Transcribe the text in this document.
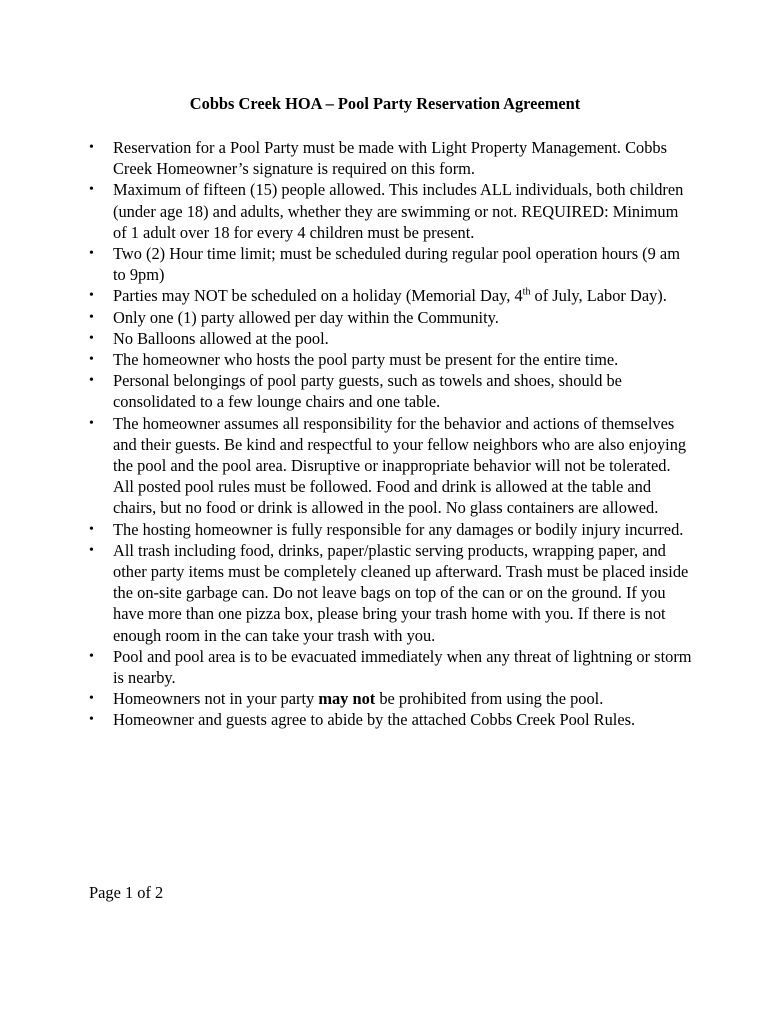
Cobbs Creek HOA – Pool Party Reservation Agreement
• Reservation for a Pool Party must be made with Light Property Management. Cobbs Creek Homeowner’s signature is required on this form.
• Maximum of fifteen (15) people allowed. This includes ALL individuals, both children (under age 18) and adults, whether they are swimming or not. REQUIRED: Minimum of 1 adult over 18 for every 4 children must be present.
• Two (2) Hour time limit; must be scheduled during regular pool operation hours (9 am to 9pm)
• Parties may NOT be scheduled on a holiday (Memorial Day, 4th of July, Labor Day).
• Only one (1) party allowed per day within the Community.
• No Balloons allowed at the pool.
• The homeowner who hosts the pool party must be present for the entire time.
• Personal belongings of pool party guests, such as towels and shoes, should be consolidated to a few lounge chairs and one table.
• The homeowner assumes all responsibility for the behavior and actions of themselves and their guests. Be kind and respectful to your fellow neighbors who are also enjoying the pool and the pool area. Disruptive or inappropriate behavior will not be tolerated. All posted pool rules must be followed. Food and drink is allowed at the table and chairs, but no food or drink is allowed in the pool. No glass containers are allowed.
• The hosting homeowner is fully responsible for any damages or bodily injury incurred.
• All trash including food, drinks, paper/plastic serving products, wrapping paper, and other party items must be completely cleaned up afterward. Trash must be placed inside the on-site garbage can. Do not leave bags on top of the can or on the ground. If you have more than one pizza box, please bring your trash home with you. If there is not enough room in the can take your trash with you.
• Pool and pool area is to be evacuated immediately when any threat of lightning or storm is nearby.
• Homeowners not in your party may not be prohibited from using the pool.
• Homeowner and guests agree to abide by the attached Cobbs Creek Pool Rules.

Page 1 of 2
